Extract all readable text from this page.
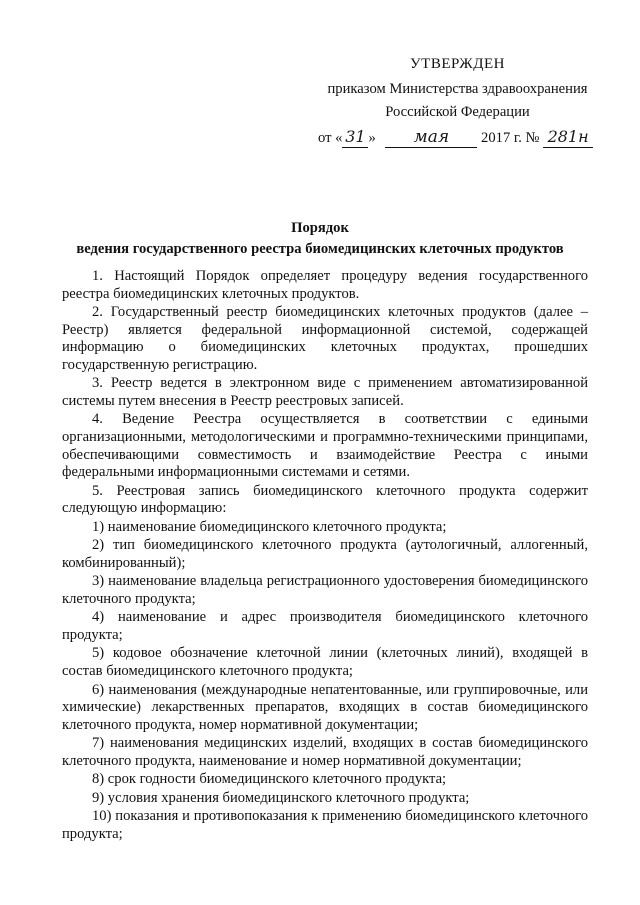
УТВЕРЖДЕН
приказом Министерства здравоохранения
Российской Федерации
от « 31 » мая 2017 г. № 281н
Порядок
ведения государственного реестра биомедицинских клеточных продуктов
1. Настоящий Порядок определяет процедуру ведения государственного реестра биомедицинских клеточных продуктов.
2. Государственный реестр биомедицинских клеточных продуктов (далее – Реестр) является федеральной информационной системой, содержащей информацию о биомедицинских клеточных продуктах, прошедших государственную регистрацию.
3. Реестр ведется в электронном виде с применением автоматизированной системы путем внесения в Реестр реестровых записей.
4. Ведение Реестра осуществляется в соответствии с едиными организационными, методологическими и программно-техническими принципами, обеспечивающими совместимость и взаимодействие Реестра с иными федеральными информационными системами и сетями.
5. Реестровая запись биомедицинского клеточного продукта содержит следующую информацию:
1) наименование биомедицинского клеточного продукта;
2) тип биомедицинского клеточного продукта (аутологичный, аллогенный, комбинированный);
3) наименование владельца регистрационного удостоверения биомедицинского клеточного продукта;
4) наименование и адрес производителя биомедицинского клеточного продукта;
5) кодовое обозначение клеточной линии (клеточных линий), входящей в состав биомедицинского клеточного продукта;
6) наименования (международные непатентованные, или группировочные, или химические) лекарственных препаратов, входящих в состав биомедицинского клеточного продукта, номер нормативной документации;
7) наименования медицинских изделий, входящих в состав биомедицинского клеточного продукта, наименование и номер нормативной документации;
8) срок годности биомедицинского клеточного продукта;
9) условия хранения биомедицинского клеточного продукта;
10) показания и противопоказания к применению биомедицинского клеточного продукта;
